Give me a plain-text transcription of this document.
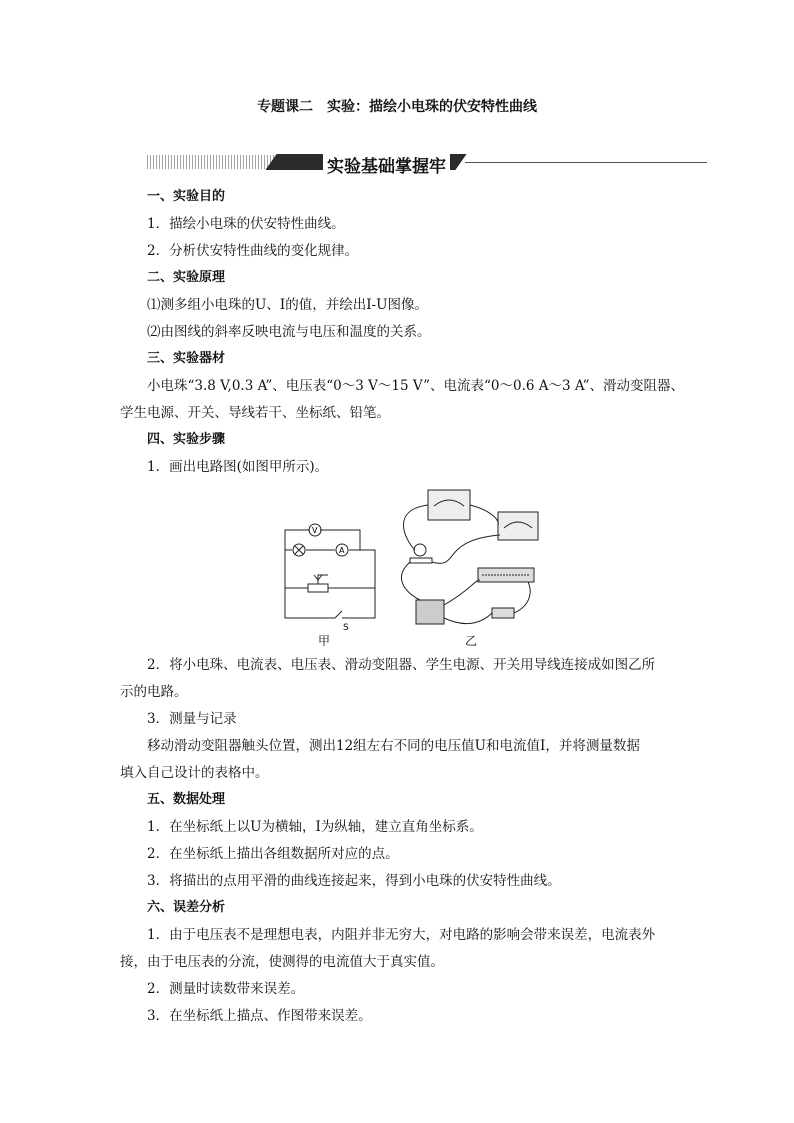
专题课二　实验：描绘小电珠的伏安特性曲线
实验基础掌握牢
一、实验目的
1．描绘小电珠的伏安特性曲线。
2．分析伏安特性曲线的变化规律。
二、实验原理
⑴测多组小电珠的U、I的值，并绘出I-U图像。
⑵由图线的斜率反映电流与电压和温度的关系。
三、实验器材
小电珠“3.8 V,0.3 A”、电压表“0～3 V～15 V”、电流表“0～0.6 A～3 A”、滑动变阻器、
学生电源、开关、导线若干、坐标纸、铅笔。
四、实验步骤
1．画出电路图(如图甲所示)。
V
A
S
甲	乙
2．将小电珠、电流表、电压表、滑动变阻器、学生电源、开关用导线连接成如图乙所
示的电路。
3．测量与记录
移动滑动变阻器触头位置，测出12组左右不同的电压值U和电流值I，并将测量数据
填入自己设计的表格中。
五、数据处理
1．在坐标纸上以U为横轴，I为纵轴，建立直角坐标系。
2．在坐标纸上描出各组数据所对应的点。
3．将描出的点用平滑的曲线连接起来，得到小电珠的伏安特性曲线。
六、误差分析
1．由于电压表不是理想电表，内阻并非无穷大，对电路的影响会带来误差，电流表外
接，由于电压表的分流，使测得的电流值大于真实值。
2．测量时读数带来误差。
3．在坐标纸上描点、作图带来误差。
